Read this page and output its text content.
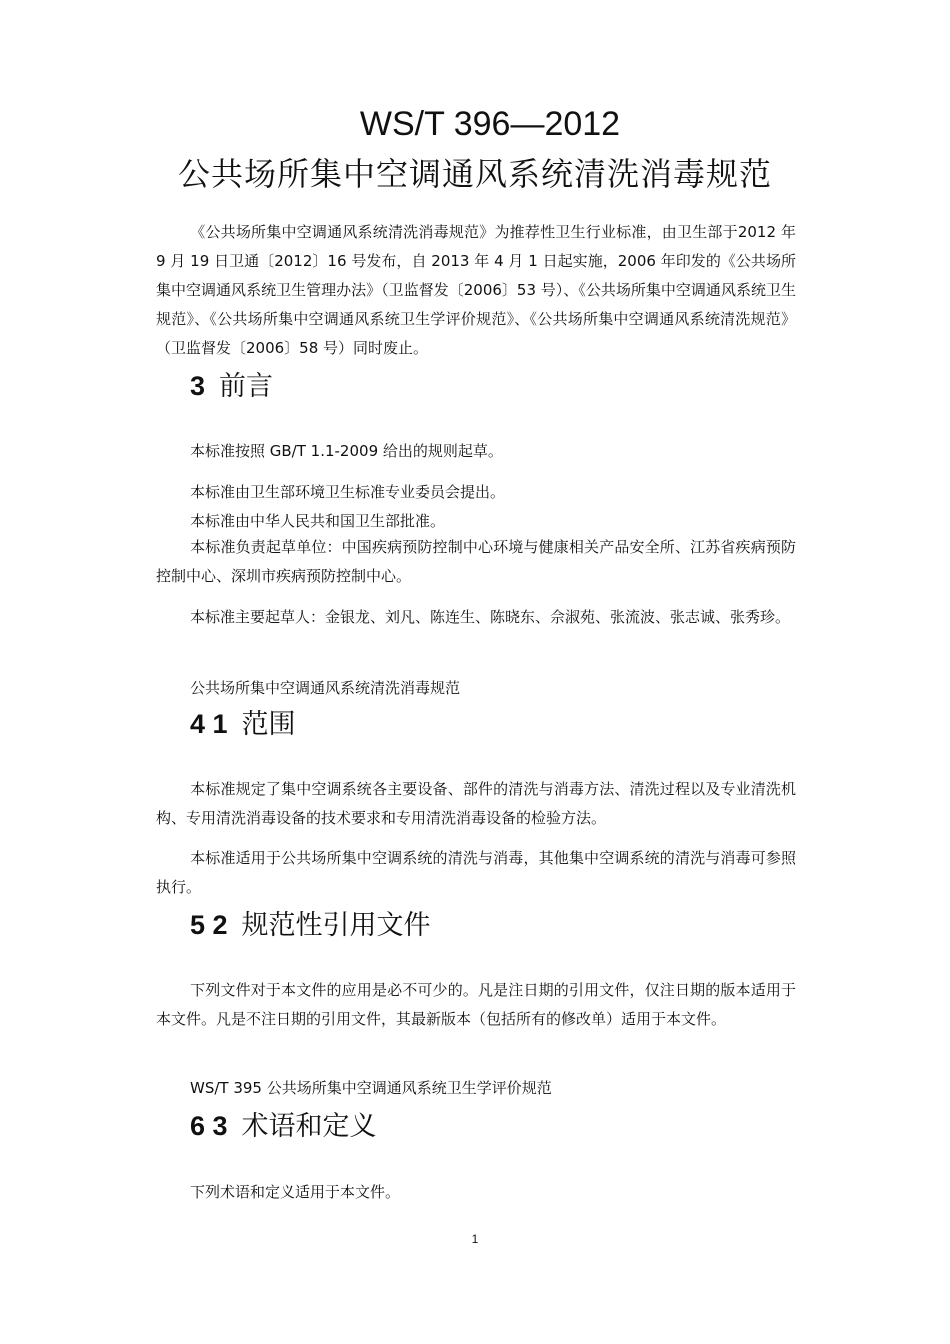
WS/T 396—2012
公共场所集中空调通风系统清洗消毒规范

《公共场所集中空调通风系统清洗消毒规范》为推荐性卫生行业标准，由卫生部于2012 年 9 月 19 日卫通〔2012〕16 号发布，自 2013 年 4 月 1 日起实施，2006 年印发的《公共场所集中空调通风系统卫生管理办法》（卫监督发〔2006〕53 号）、《公共场所集中空调通风系统卫生规范》、《公共场所集中空调通风系统卫生学评价规范》、《公共场所集中空调通风系统清洗规范》（卫监督发〔2006〕58 号）同时废止。

3 前言

本标准按照 GB/T 1.1-2009 给出的规则起草。

本标准由卫生部环境卫生标准专业委员会提出。

本标准由中华人民共和国卫生部批准。

本标准负责起草单位：中国疾病预防控制中心环境与健康相关产品安全所、江苏省疾病预防控制中心、深圳市疾病预防控制中心。

本标准主要起草人：金银龙、刘凡、陈连生、陈晓东、佘淑苑、张流波、张志诚、张秀珍。

公共场所集中空调通风系统清洗消毒规范

4 1 范围

本标准规定了集中空调系统各主要设备、部件的清洗与消毒方法、清洗过程以及专业清洗机构、专用清洗消毒设备的技术要求和专用清洗消毒设备的检验方法。

本标准适用于公共场所集中空调系统的清洗与消毒，其他集中空调系统的清洗与消毒可参照执行。

5 2 规范性引用文件

下列文件对于本文件的应用是必不可少的。凡是注日期的引用文件，仅注日期的版本适用于本文件。凡是不注日期的引用文件，其最新版本（包括所有的修改单）适用于本文件。

WS/T 395 公共场所集中空调通风系统卫生学评价规范

6 3 术语和定义

下列术语和定义适用于本文件。

1
